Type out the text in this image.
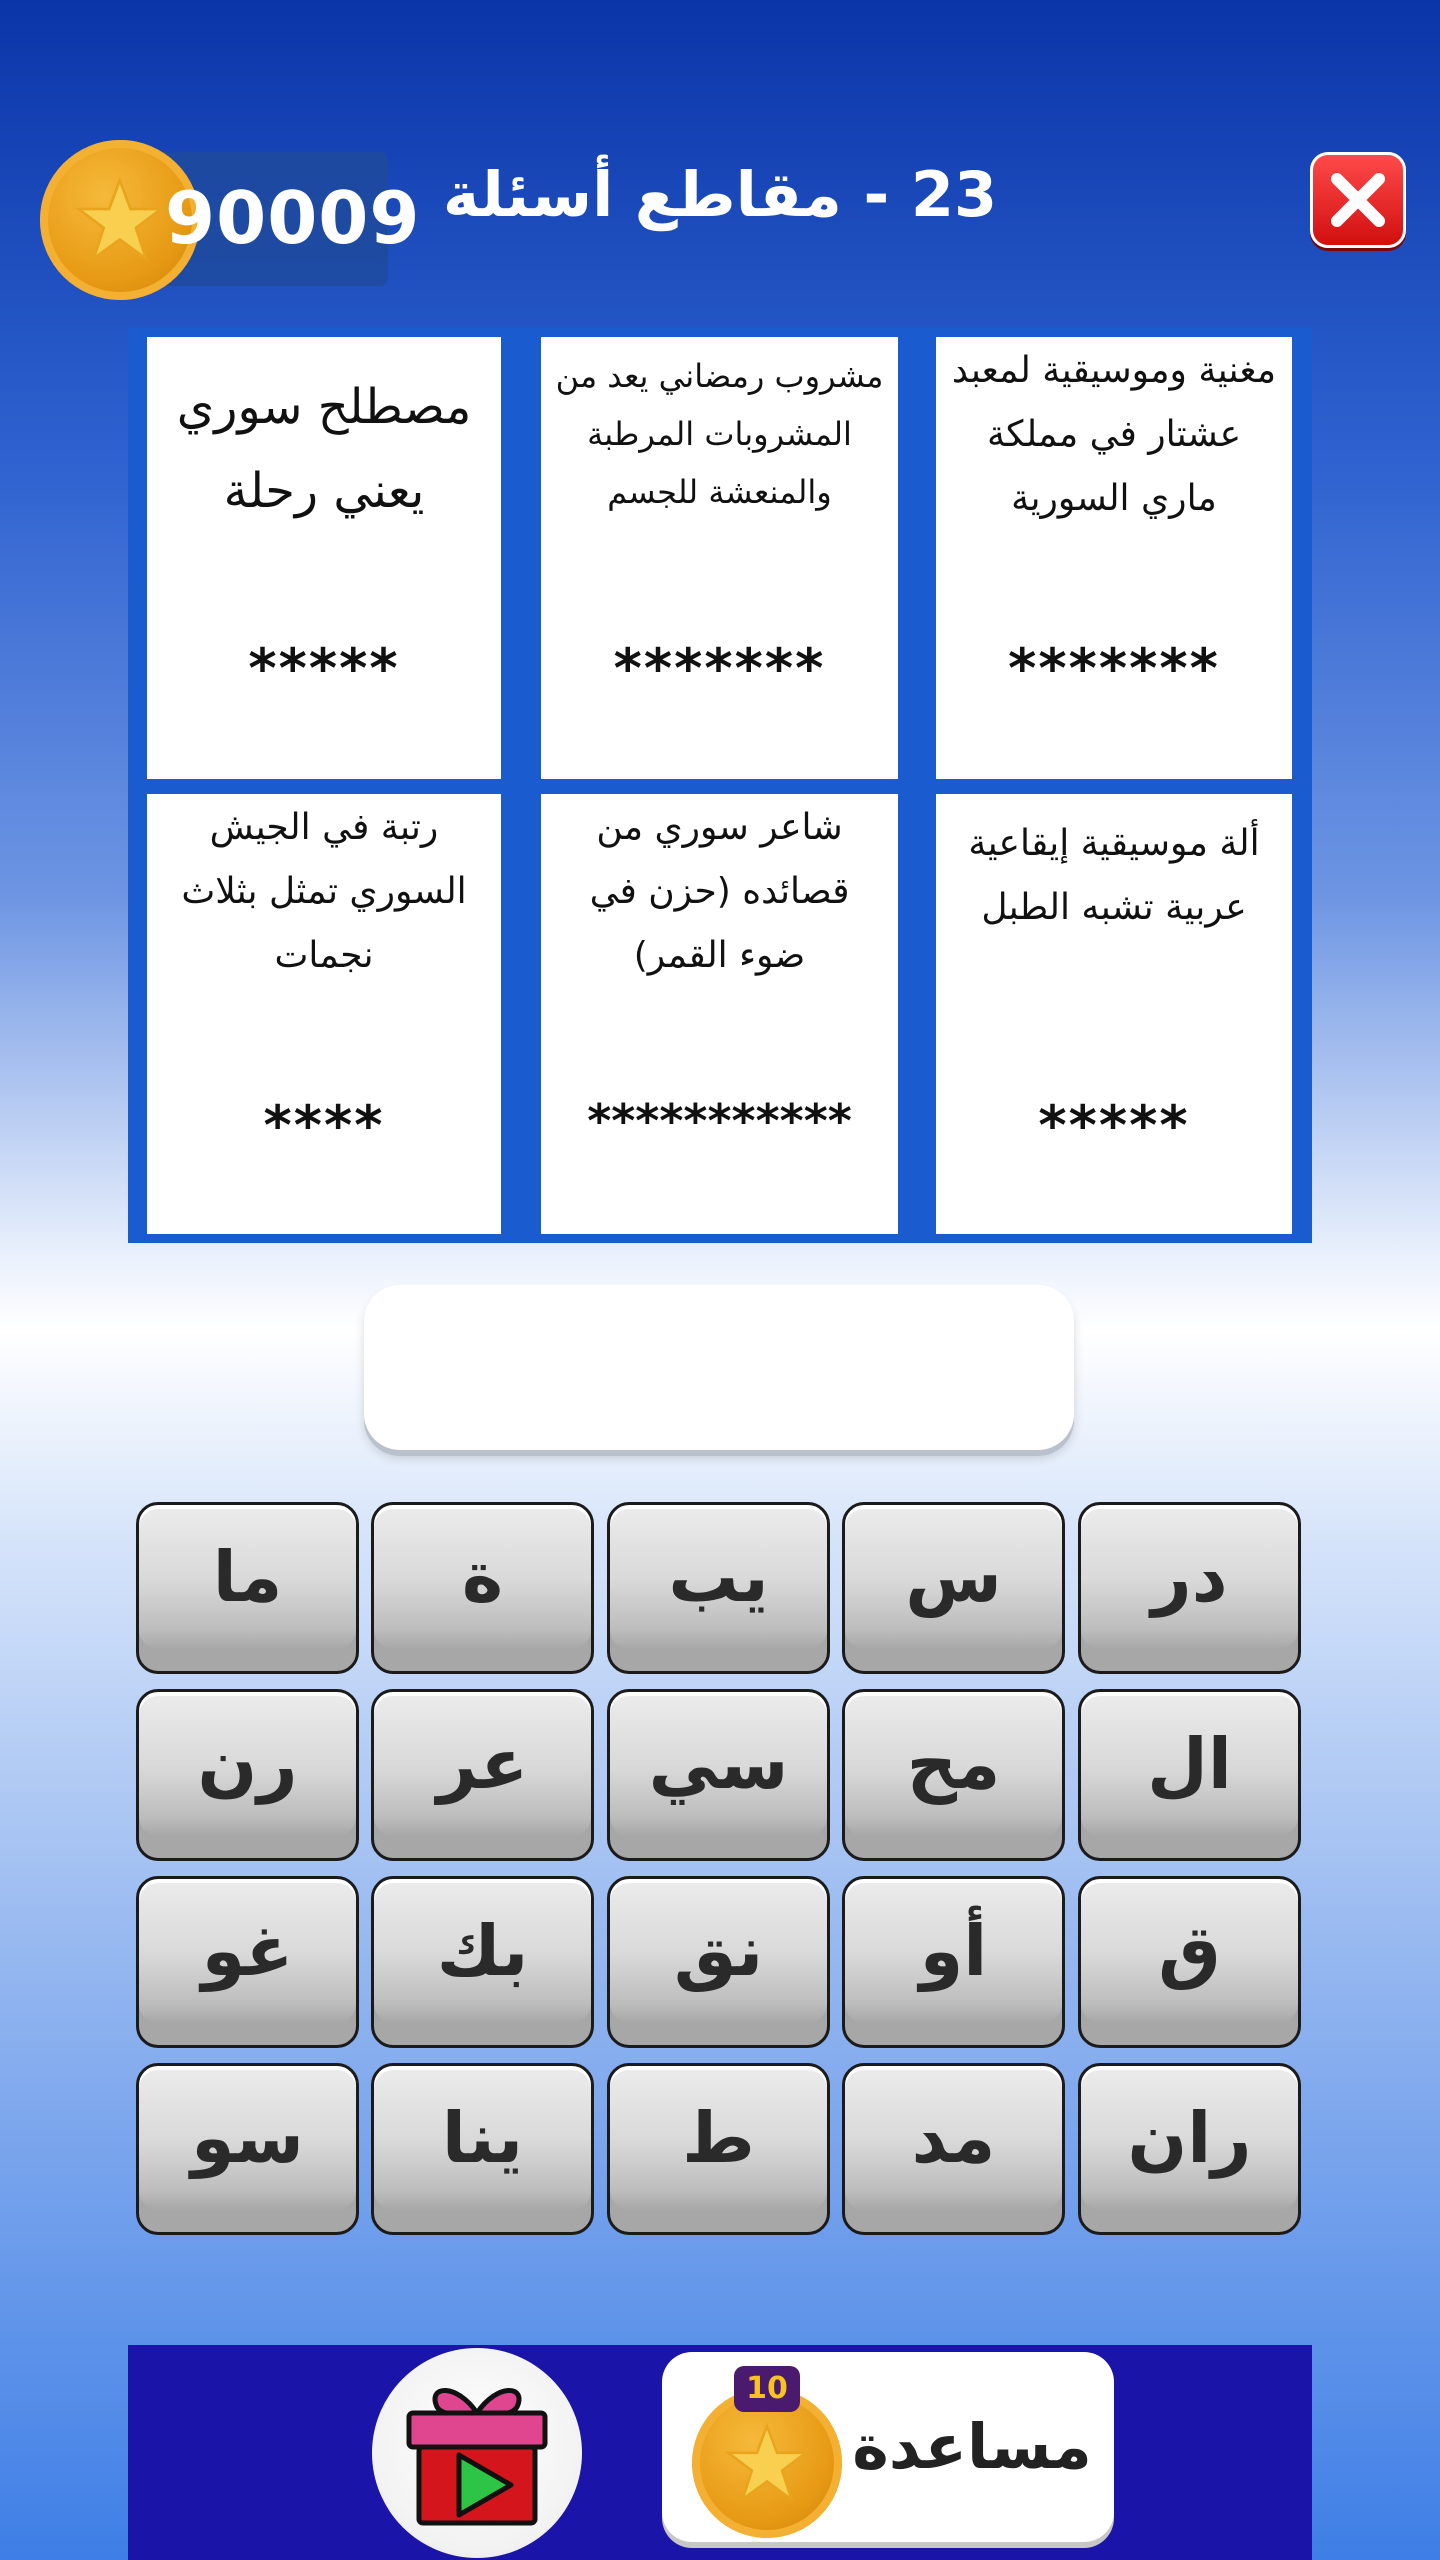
90009 23 - مقاطع أسئلة
مصطلح سوري يعني رحلة
*****
مشروب رمضاني يعد من المشروبات المرطبة والمنعشة للجسم
*******
مغنية وموسيقية لمعبد عشتار في مملكة ماري السورية
*******
رتبة في الجيش السوري تمثل بثلاث نجمات
****
شاعر سوري من قصائده (حزن في ضوء القمر)
***********
ألة موسيقية إيقاعية عربية تشبه الطبل
*****
ما	ة	يب	س	در
رن	عر	سي	مح	ال
غو	بك	نق	أو	ق
سو	ينا	ط	مد	ران
10
مساعدة
